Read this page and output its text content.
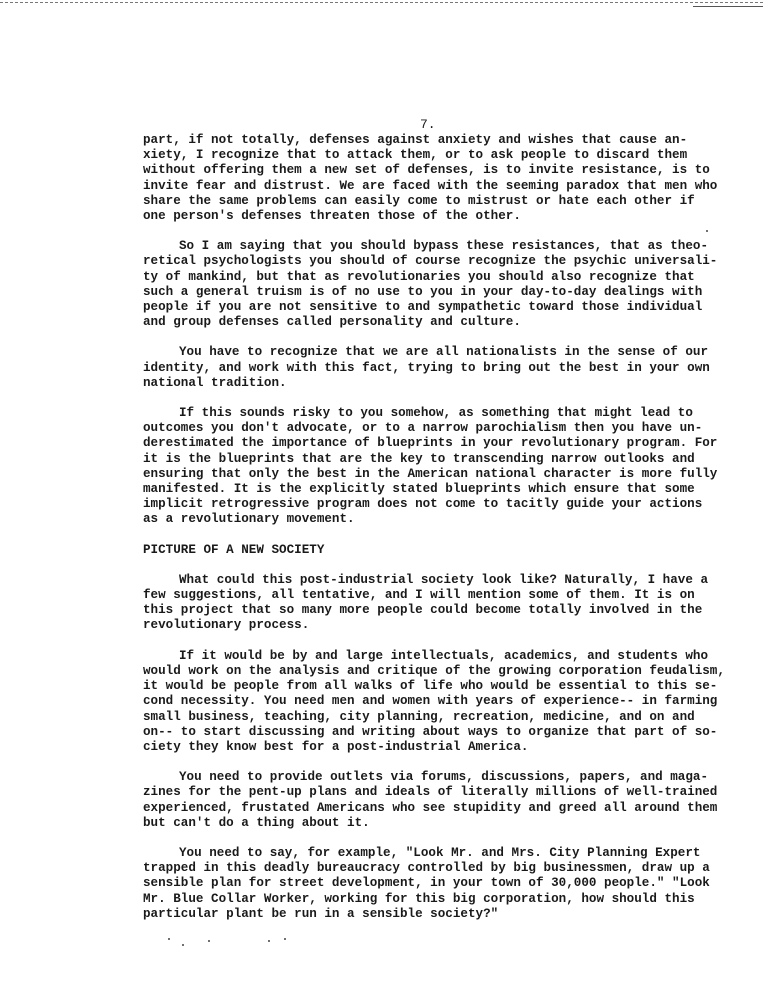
7.
part, if not totally, defenses against anxiety and wishes that cause an-
xiety, I recognize that to attack them, or to ask people to discard them
without offering them a new set of defenses, is to invite resistance, is to
invite fear and distrust. We are faced with the seeming paradox that men who
share the same problems can easily come to mistrust or hate each other if
one person's defenses threaten those of the other.
So I am saying that you should bypass these resistances, that as theo-
retical psychologists you should of course recognize the psychic universali-
ty of mankind, but that as revolutionaries you should also recognize that
such a general truism is of no use to you in your day-to-day dealings with
people if you are not sensitive to and sympathetic toward those individual
and group defenses called personality and culture.
You have to recognize that we are all nationalists in the sense of our
identity, and work with this fact, trying to bring out the best in your own
national tradition.
If this sounds risky to you somehow, as something that might lead to
outcomes you don't advocate, or to a narrow parochialism then you have un-
derestimated the importance of blueprints in your revolutionary program. For
it is the blueprints that are the key to transcending narrow outlooks and
ensuring that only the best in the American national character is more fully
manifested. It is the explicitly stated blueprints which ensure that some
implicit retrogressive program does not come to tacitly guide your actions
as a revolutionary movement.
PICTURE OF A NEW SOCIETY
What could this post-industrial society look like? Naturally, I have a
few suggestions, all tentative, and I will mention some of them. It is on
this project that so many more people could become totally involved in the
revolutionary process.
If it would be by and large intellectuals, academics, and students who
would work on the analysis and critique of the growing corporation feudalism,
it would be people from all walks of life who would be essential to this se-
cond necessity. You need men and women with years of experience-- in farming
small business, teaching, city planning, recreation, medicine, and on and
on-- to start discussing and writing about ways to organize that part of so-
ciety they know best for a post-industrial America.
You need to provide outlets via forums, discussions, papers, and maga-
zines for the pent-up plans and ideals of literally millions of well-trained
experienced, frustated Americans who see stupidity and greed all around them
but can't do a thing about it.
You need to say, for example, "Look Mr. and Mrs. City Planning Expert
trapped in this deadly bureaucracy controlled by big businessmen, draw up a
sensible plan for street development, in your town of 30,000 people." "Look
Mr. Blue Collar Worker, working for this big corporation, how should this
particular plant be run in a sensible society?"
